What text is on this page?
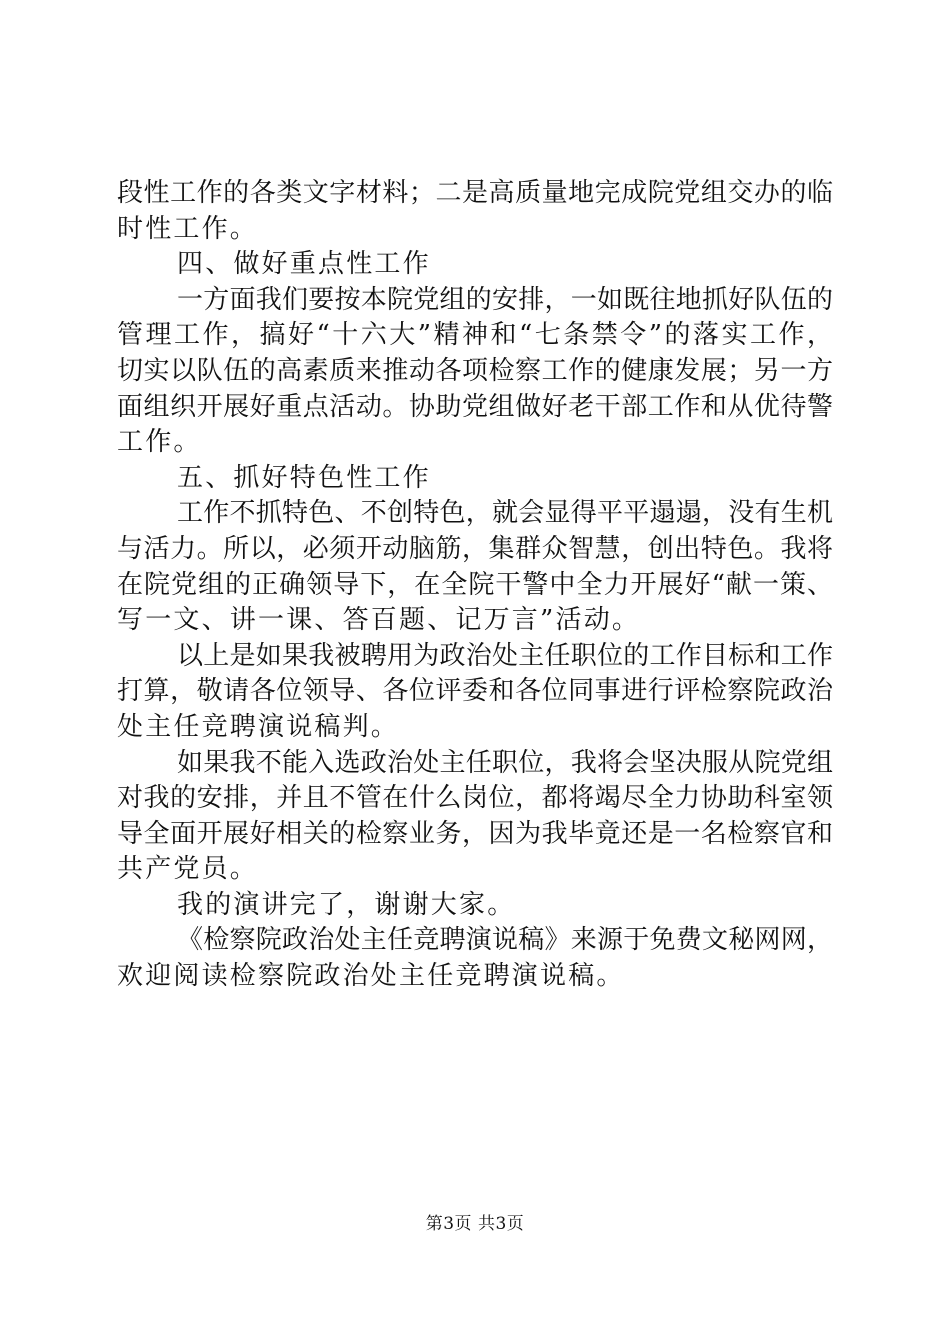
段性工作的各类文字材料；二是高质量地完成院党组交办的临
时性工作。
四、做好重点性工作
一方面我们要按本院党组的安排，一如既往地抓好队伍的
管理工作，搞好“十六大”精神和“七条禁令”的落实工作，
切实以队伍的高素质来推动各项检察工作的健康发展；另一方
面组织开展好重点活动。协助党组做好老干部工作和从优待警
工作。
五、抓好特色性工作
工作不抓特色、不创特色，就会显得平平遢遢，没有生机
与活力。所以，必须开动脑筋，集群众智慧，创出特色。我将
在院党组的正确领导下，在全院干警中全力开展好“献一策、
写一文、讲一课、答百题、记万言”活动。
以上是如果我被聘用为政治处主任职位的工作目标和工作
打算，敬请各位领导、各位评委和各位同事进行评检察院政治
处主任竞聘演说稿判。
如果我不能入选政治处主任职位，我将会坚决服从院党组
对我的安排，并且不管在什么岗位，都将竭尽全力协助科室领
导全面开展好相关的检察业务，因为我毕竟还是一名检察官和
共产党员。
我的演讲完了，谢谢大家。
《检察院政治处主任竞聘演说稿》来源于免费文秘网网，
欢迎阅读检察院政治处主任竞聘演说稿。
第3页 共3页
